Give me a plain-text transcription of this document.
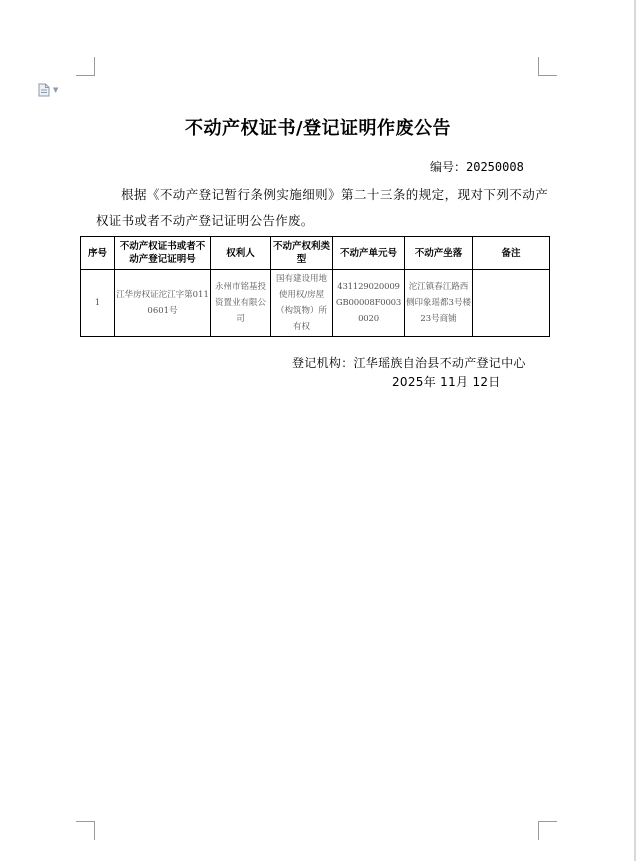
▼
不动产权证书/登记证明作废公告
编号：20250008
根据《不动产登记暂行条例实施细则》第二十三条的规定，现对下列不动产权证书或者不动产登记证明公告作废。
序号	不动产权证书或者不动产登记证明号	权利人	不动产权利类型	不动产单元号	不动产坐落	备注
1	江华房权证沱江字第0110601号	永州市铭基投资置业有限公司	国有建设用地使用权/房屋（构筑物）所有权	431129020009GB00008F00030020	沱江镇春江路西侧印象瑶都3号楼23号商铺	
登记机构：江华瑶族自治县不动产登记中心
2025年 11月 12日
